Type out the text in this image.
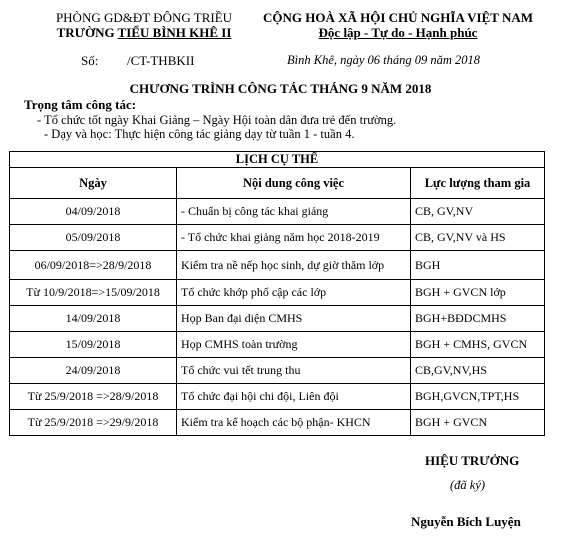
PHÒNG GD&ĐT ĐÔNG TRIỀU
TRƯỜNG TIỂU BÌNH KHÊ II
CỘNG HOÀ XÃ HỘI CHỦ NGHĨA VIỆT NAM
Độc lập - Tự do - Hạnh phúc
Số: /CT-THBKII	Bình Khê, ngày 06 tháng 09 năm 2018
CHƯƠNG TRÌNH CÔNG TÁC THÁNG 9 NĂM 2018
Trọng tâm công tác:
- Tổ chức tốt ngày Khai Giảng – Ngày Hội toàn dân đưa trẻ đến trường.
- Dạy và học: Thực hiện công tác giảng dạy từ tuần 1 - tuần 4.
LỊCH CỤ THỂ		
Ngày	Nội dung công việc	Lực lượng tham gia
04/09/2018	- Chuẩn bị công tác khai giảng	CB, GV,NV
05/09/2018	- Tổ chức khai giảng năm học 2018-2019	CB, GV,NV và HS
06/09/2018=>28/9/2018	Kiểm tra nề nếp học sinh, dự giờ thăm lớp	BGH
Từ 10/9/2018=>15/09/2018	Tổ chức khớp phổ cập các lớp	BGH + GVCN lớp
14/09/2018	Họp Ban đại diện CMHS	BGH+BĐDCMHS
15/09/2018	Họp CMHS toàn trường	BGH + CMHS, GVCN
24/09/2018	Tổ chức vui tết trung thu	CB,GV,NV,HS
Từ 25/9/2018 =>28/9/2018	Tổ chức đại hội chi đội, Liên đội	BGH,GVCN,TPT,HS
Từ 25/9/2018 =>29/9/2018	Kiểm tra kế hoạch các bộ phận- KHCN	BGH + GVCN
HIỆU TRƯỞNG
(đã ký)
Nguyễn Bích Luyện
